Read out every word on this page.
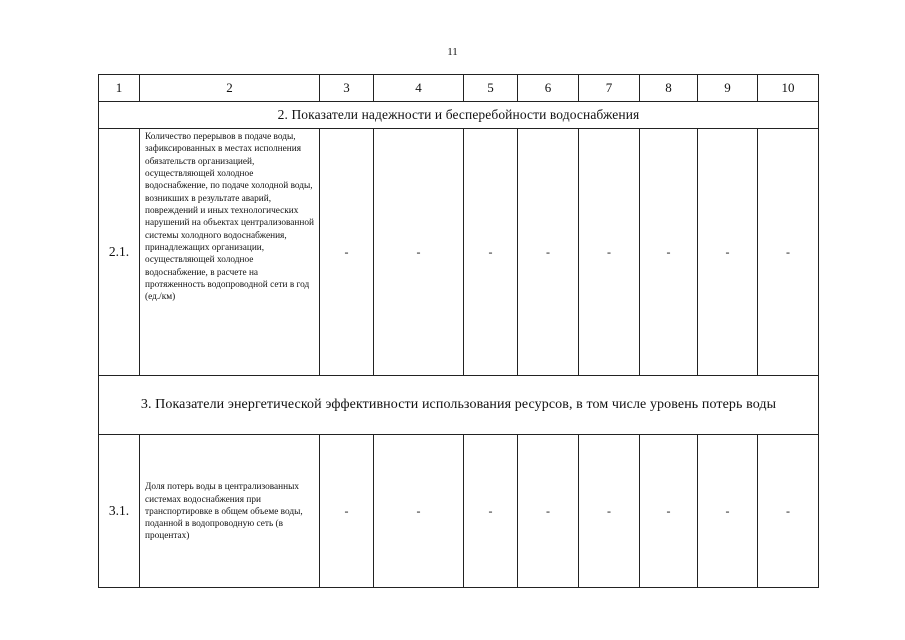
11
1	2	3	4	5	6	7	8	9	10
2. Показатели надежности и бесперебойности водоснабжения									
2.1.	Количество перерывов в подаче воды, зафиксированных в местах исполнения обязательств организацией, осуществляющей холодное водоснабжение, по подаче холодной воды, возникших в результате аварий, повреждений и иных технологических нарушений на объектах централизованной системы холодного водоснабжения, принадлежащих организации, осуществляющей холодное водоснабжение, в расчете на протяженность водопроводной сети в год (ед./км)	-	-	-	-	-	-	-	-
3. Показатели энергетической эффективности использования ресурсов, в том числе уровень потерь воды									
3.1.	Доля потерь воды в централизованных системах водоснабжения при транспортировке в общем объеме воды, поданной в водопроводную сеть (в процентах)	-	-	-	-	-	-	-	-
